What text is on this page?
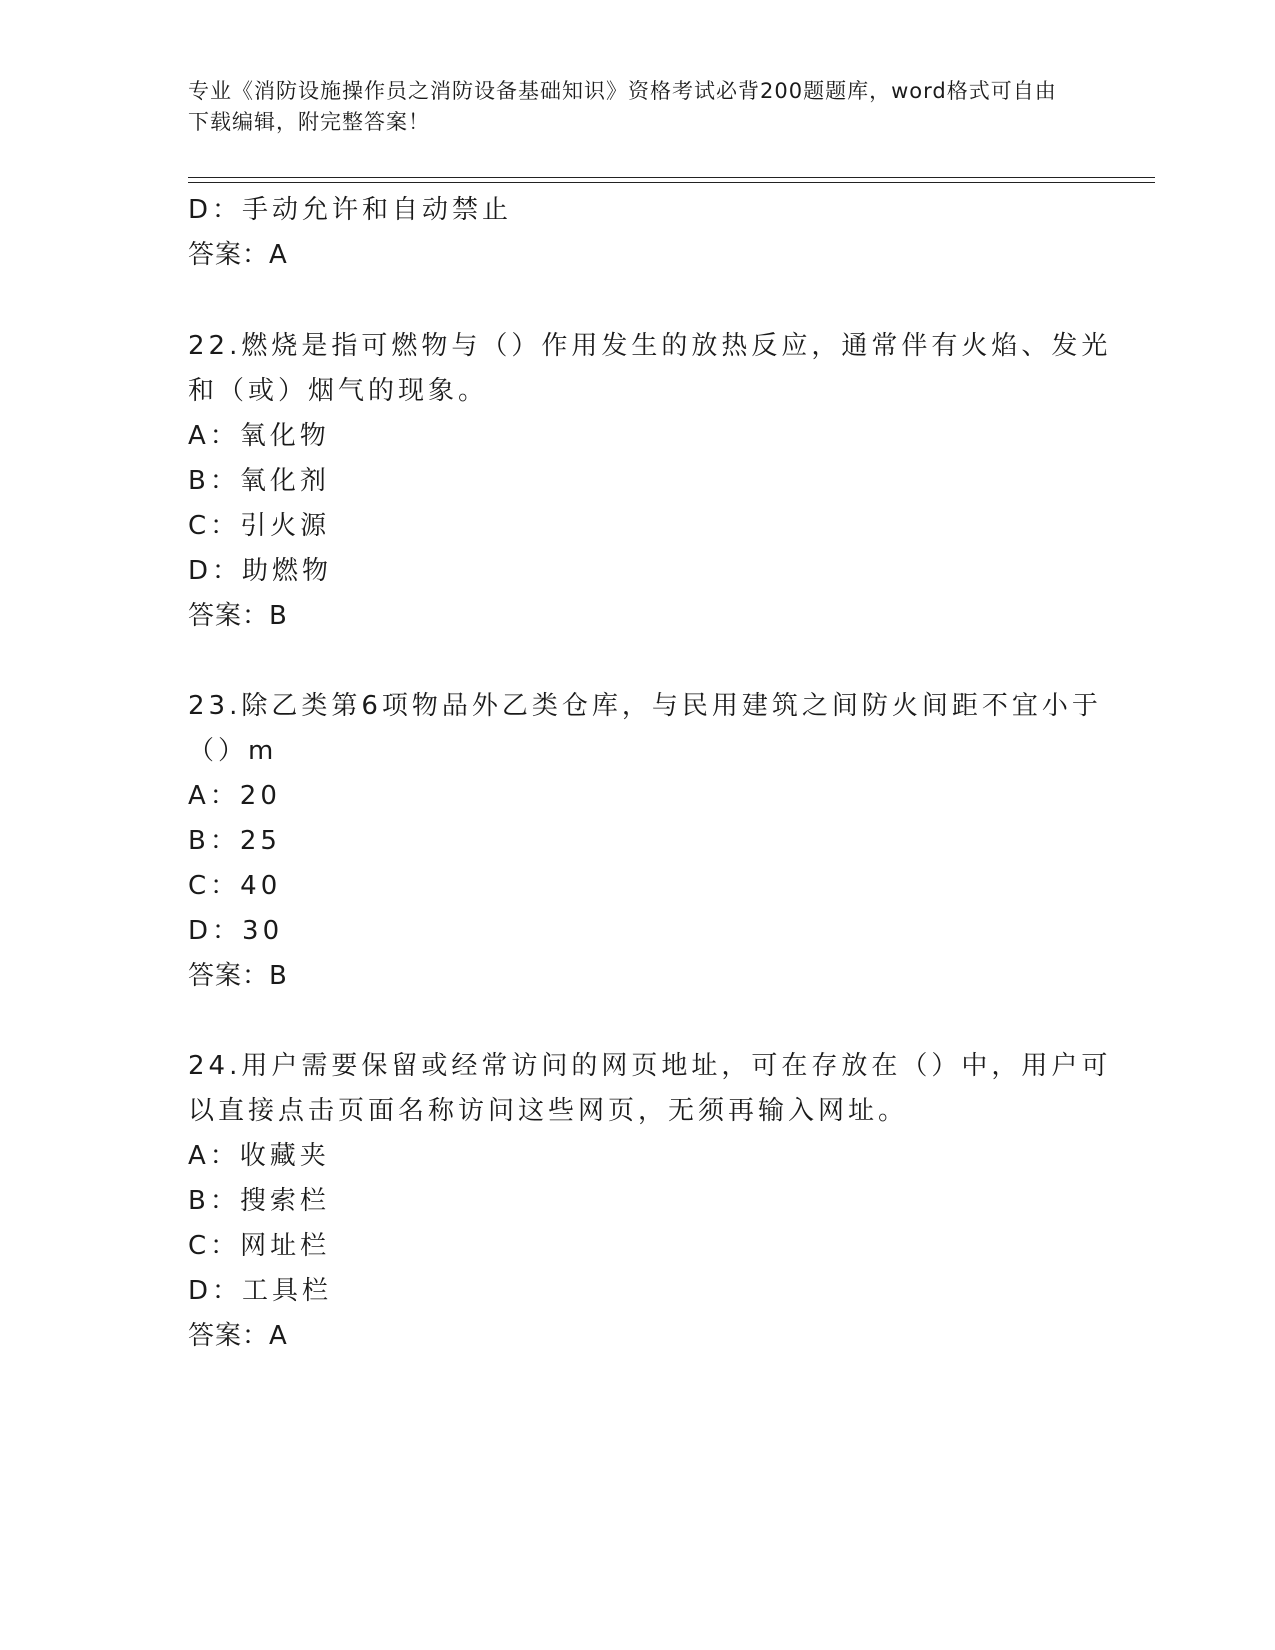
专业《消防设施操作员之消防设备基础知识》资格考试必背200题题库，word格式可自由下载编辑，附完整答案！
D：手动允许和自动禁止
答案：A
22.燃烧是指可燃物与（）作用发生的放热反应，通常伴有火焰、发光
和（或）烟气的现象。
A：氧化物
B：氧化剂
C：引火源
D：助燃物
答案：B
23.除乙类第6项物品外乙类仓库，与民用建筑之间防火间距不宜小于
（）m
A：20
B：25
C：40
D：30
答案：B
24.用户需要保留或经常访问的网页地址，可在存放在（）中，用户可
以直接点击页面名称访问这些网页，无须再输入网址。
A：收藏夹
B：搜索栏
C：网址栏
D：工具栏
答案：A
